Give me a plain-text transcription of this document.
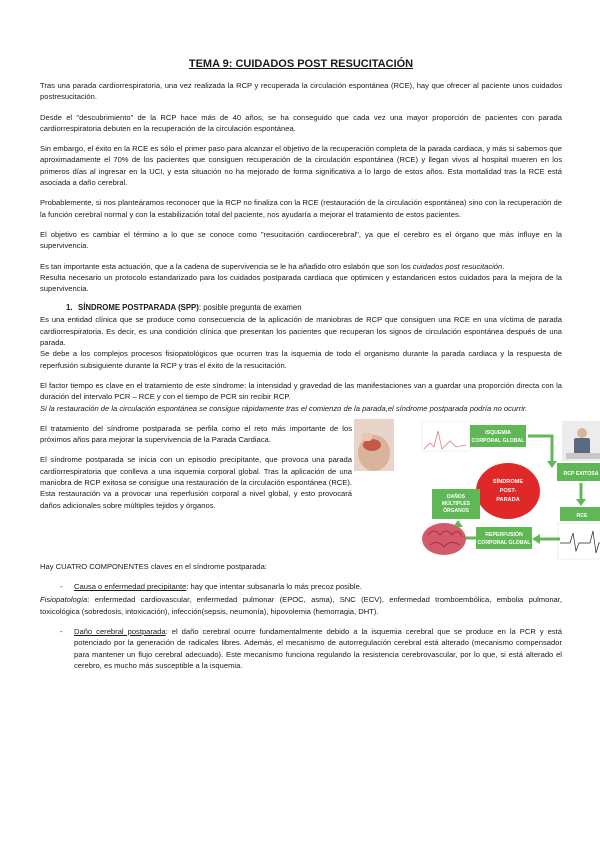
TEMA 9: CUIDADOS POST RESUCITACIÓN

Tras una parada cardiorrespiratoria, una vez realizada la RCP y recuperada la circulación espontánea (RCE), hay que ofrecer al paciente unos cuidados postresucitación.

Desde el "descubrimiento" de la RCP hace más de 40 años, se ha conseguido que cada vez una mayor proporción de pacientes con parada cardiorrespiratoria debuten en la recuperación de la circulación espontánea.

Sin embargo, el éxito en la RCE es sólo el primer paso para alcanzar el objetivo de la recuperación completa de la parada cardiaca, y más si sabemos que aproximadamente el 70% de los pacientes que consiguen recuperación de la circulación espontánea (RCE) y llegan vivos al hospital mueren en los primeros días al ingresar en la UCI, y esta situación no ha mejorado de forma significativa a lo largo de estos años. Esta mortalidad tras la RCE está asociada a daño cerebral.

Probablemente, si nos planteáramos reconocer que la RCP no finaliza con la RCE (restauración de la circulación espontánea) sino con la recuperación de la función cerebral normal y con la estabilización total del paciente, nos ayudaría a mejorar el tratamiento de estos pacientes.

El objetivo es cambiar el término a lo que se conoce como "resucitación cardiocerebral", ya que el cerebro es el órgano que más influye en la supervivencia.

Es tan importante esta actuación, que a la cadena de supervivencia se le ha añadido otro eslabón que son los cuidados post resucitación.

Resulta necesario un protocolo estandarizado para los cuidados postparada cardiaca que optimicen y estandaricen estos cuidados para la mejora de la supervivencia.

1. SÍNDROME POSTPARADA (SPP): posible pregunta de examen

Es una entidad clínica que se produce como consecuencia de la aplicación de maniobras de RCP que consiguen una RCE en una víctima de parada cardiorrespiratoria. Es decir, es una condición clínica que presentan los pacientes que recuperan los signos de circulación espontánea después de una parada.

Se debe a los complejos procesos fisiopatológicos que ocurren tras la isquemia de todo el organismo durante la parada cardiaca y la respuesta de reperfusión subsiguiente durante la RCP y tras el éxito de la resucitación.

El factor tiempo es clave en el tratamiento de este síndrome: la intensidad y gravedad de las manifestaciones van a guardar una proporción directa con la duración del intervalo PCR – RCE y con el tiempo de PCR sin recibir RCP.

Si la restauración de la circulación espontánea se consigue rápidamente tras el comienzo de la parada,el síndrome postparada podría no ocurrir.

El tratamiento del síndrome postparada se perfila como el reto más importante de los próximos años para mejorar la supervivencia de la Parada Cardiaca.

El síndrome postparada se inicia con un episodio precipitante, que provoca una parada cardiorrespiratoria que conlleva a una isquemia corporal global. Tras la aplicación de una maniobra de RCP exitosa se consigue una restauración de la circulación espontánea (RCE). Esta restauración va a provocar una reperfusión corporal a nivel global, y esto provocará daños adicionales sobre múltiples tejidos y órganos.

ISQUEMIA
CORPORAL GLOBAL
RCP EXITOSA
SÍNDROME
POST-
PARADA
RCE
REPERFUSIÓN
CORPORAL GLOBAL
DAÑOS
MÚLTIPLES
ÓRGANOS

Hay CUATRO COMPONENTES claves en el síndrome postparada:

- Causa o enfermedad precipitante: hay que intentar subsanarla lo más precoz posible.

Fisiopatología: enfermedad cardiovascular, enfermedad pulmonar (EPOC, asma), SNC (ECV), enfermedad tromboembólica, embolia pulmonar, toxicológica (sobredosis, intoxicación), infección(sepsis, neumonía), hipovolemia (hemorragia, DHT).

- Daño cerebral postparada: el daño cerebral ocurre fundamentalmente debido a la isquemia cerebral que se produce en la PCR y está potenciado por la generación de radicales libres. Además, el mecanismo de autorregulación cerebral está alterado (mecanismo compensador para mantener un flujo cerebral adecuado). Este mecanismo funciona regulando la resistencia cerebrovascular, por lo que, si está alterado el cerebro, es mucho más susceptible a la isquemia.
